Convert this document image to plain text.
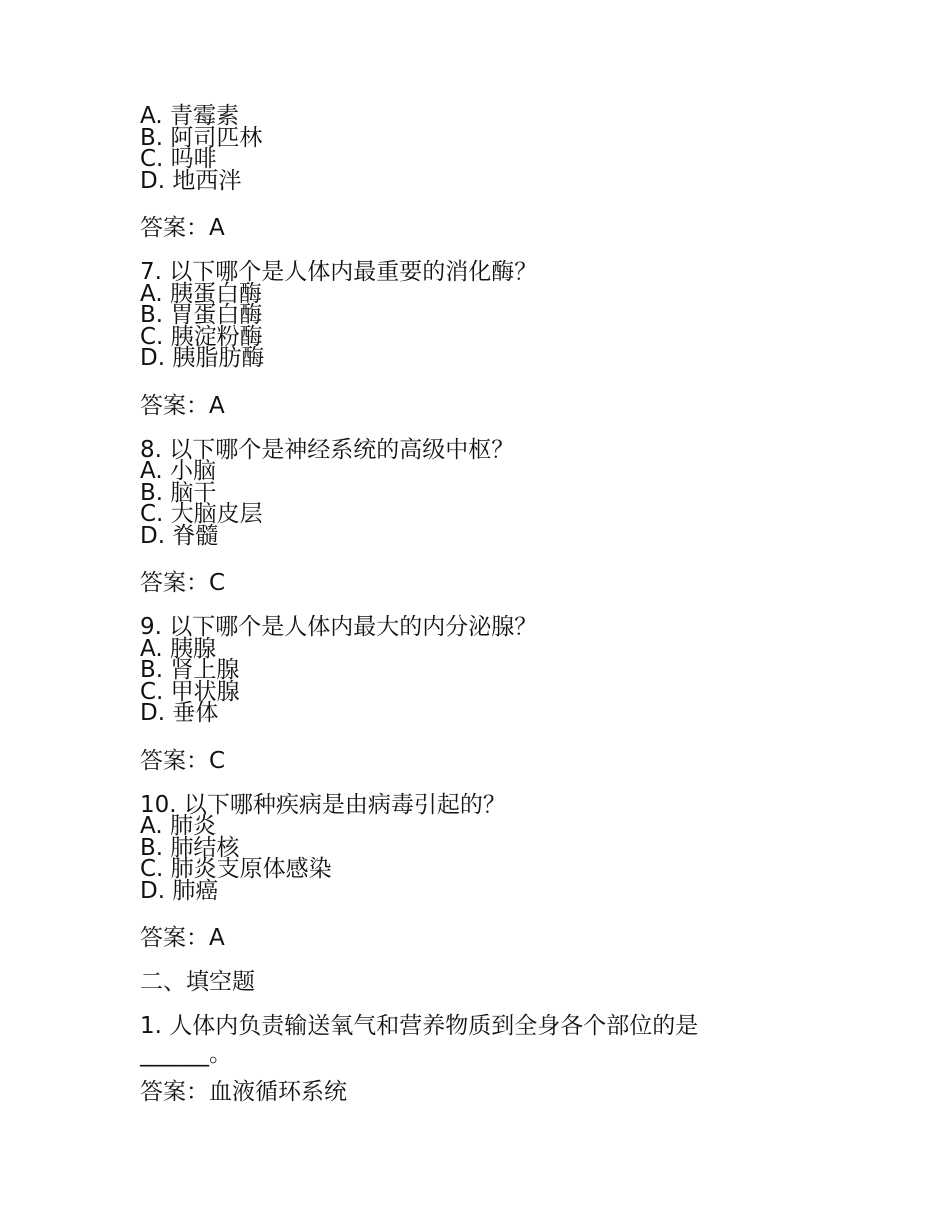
A. 青霉素
B. 阿司匹林
C. 吗啡
D. 地西泮
答案：A
7. 以下哪个是人体内最重要的消化酶？
A. 胰蛋白酶
B. 胃蛋白酶
C. 胰淀粉酶
D. 胰脂肪酶
答案：A
8. 以下哪个是神经系统的高级中枢？
A. 小脑
B. 脑干
C. 大脑皮层
D. 脊髓
答案：C
9. 以下哪个是人体内最大的内分泌腺？
A. 胰腺
B. 肾上腺
C. 甲状腺
D. 垂体
答案：C
10. 以下哪种疾病是由病毒引起的？
A. 肺炎
B. 肺结核
C. 肺炎支原体感染
D. 肺癌
答案：A
二、填空题
1. 人体内负责输送氧气和营养物质到全身各个部位的是
______。
答案：血液循环系统
